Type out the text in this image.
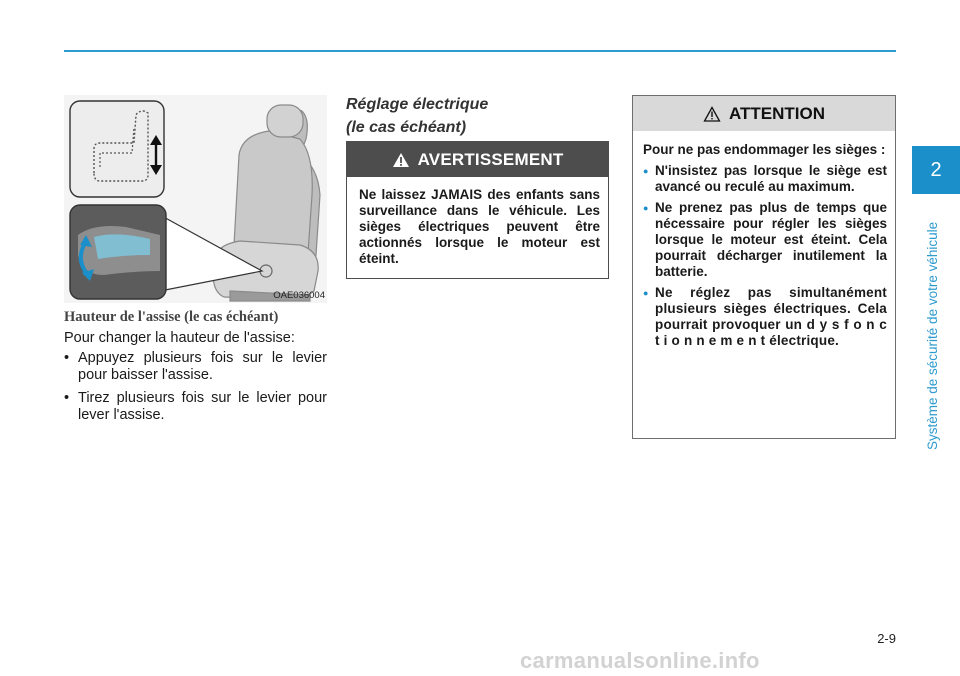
2
Système de sécurité de votre véhicule
OAE036004
Hauteur de l'assise (le cas échéant)
Pour changer la hauteur de l'assise:
• Appuyez plusieurs fois sur le levier pour baisser l'assise.
• Tirez plusieurs fois sur le levier pour lever l'assise.
Réglage électrique
(le cas échéant)
AVERTISSEMENT
Ne laissez JAMAIS des enfants sans surveillance dans le véhicule. Les sièges électriques peuvent être actionnés lorsque le moteur est éteint.
ATTENTION
Pour ne pas endommager les sièges :
● N'insistez pas lorsque le siège est avancé ou reculé au maximum.
● Ne prenez pas plus de temps que nécessaire pour régler les sièges lorsque le moteur est éteint. Cela pourrait décharger inutilement la batterie.
● Ne réglez pas simultanément plusieurs sièges électriques. Cela pourrait provoquer un d y s f o n c t i o n n e m e n t électrique.
2-9
carmanualsonline.info
